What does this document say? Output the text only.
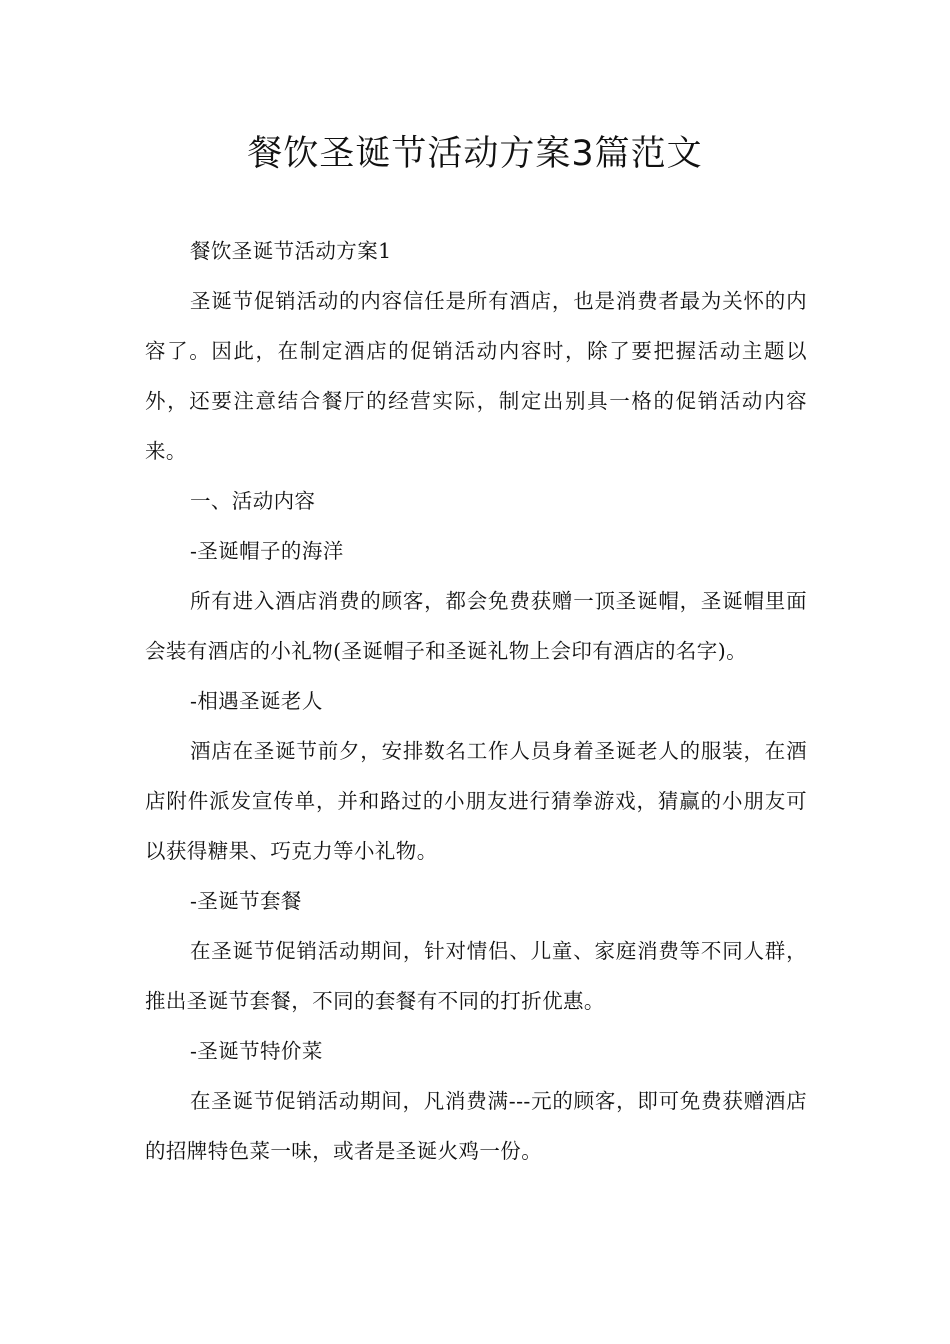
餐饮圣诞节活动方案3篇范文

餐饮圣诞节活动方案1

圣诞节促销活动的内容信任是所有酒店，也是消费者最为关怀的内容了。因此，在制定酒店的促销活动内容时，除了要把握活动主题以外，还要注意结合餐厅的经营实际，制定出别具一格的促销活动内容来。

一、活动内容

-圣诞帽子的海洋

所有进入酒店消费的顾客，都会免费获赠一顶圣诞帽，圣诞帽里面会装有酒店的小礼物(圣诞帽子和圣诞礼物上会印有酒店的名字)。

-相遇圣诞老人

酒店在圣诞节前夕，安排数名工作人员身着圣诞老人的服装，在酒店附件派发宣传单，并和路过的小朋友进行猜拳游戏，猜赢的小朋友可以获得糖果、巧克力等小礼物。

-圣诞节套餐

在圣诞节促销活动期间，针对情侣、儿童、家庭消费等不同人群，推出圣诞节套餐，不同的套餐有不同的打折优惠。

-圣诞节特价菜

在圣诞节促销活动期间，凡消费满---元的顾客，即可免费获赠酒店的招牌特色菜一味，或者是圣诞火鸡一份。
